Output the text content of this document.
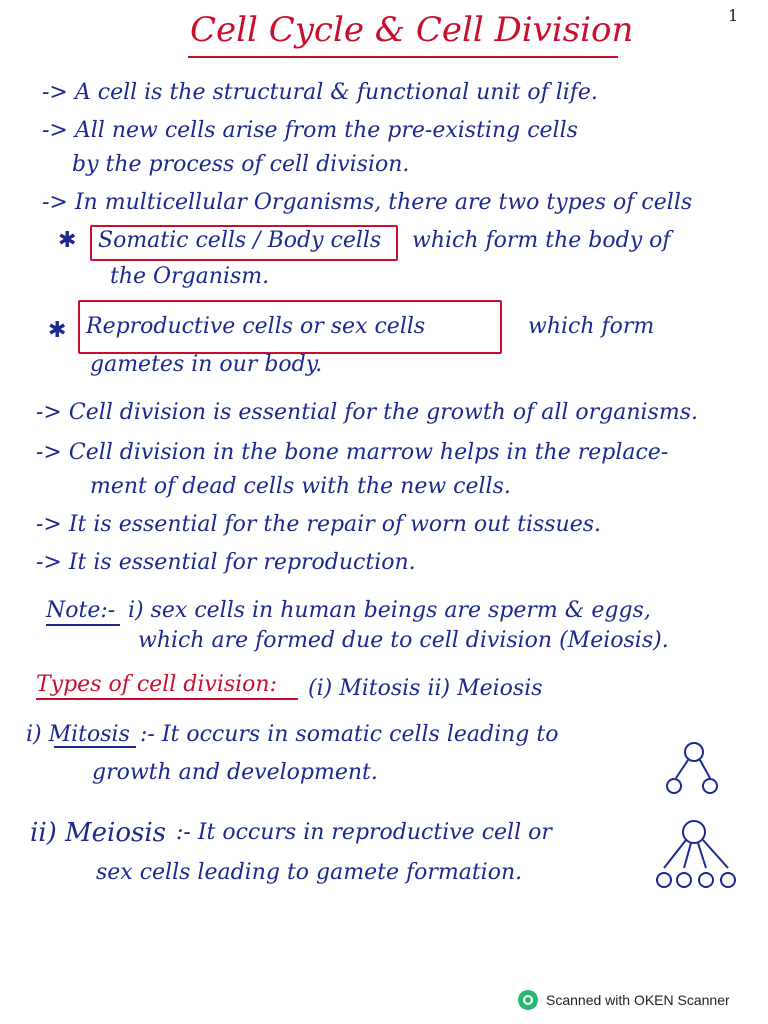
1
Cell Cycle & Cell Division
-> A cell is the structural & functional unit of life.
-> All new cells arise from the pre-existing cells
by the process of cell division.
-> In multicellular Organisms, there are two types of cells
✱ Somatic cells / Body cells which form the body of
the Organism.
✱ Reproductive cells or sex cells	which form
gametes in our body.
-> Cell division is essential for the growth of all organisms.
-> Cell division in the bone marrow helps in the replace-
ment of dead cells with the new cells.
-> It is essential for the repair of worn out tissues.
-> It is essential for reproduction.
Note:- i) sex cells in human beings are sperm & eggs,
which are formed due to cell division (Meiosis).
Types of cell division: (i) Mitosis ii) Meiosis
i) Mitosis :- It occurs in somatic cells leading to
growth and development.
ii) Meiosis :- It occurs in reproductive cell or
sex cells leading to gamete formation.
Scanned with OKEN Scanner
